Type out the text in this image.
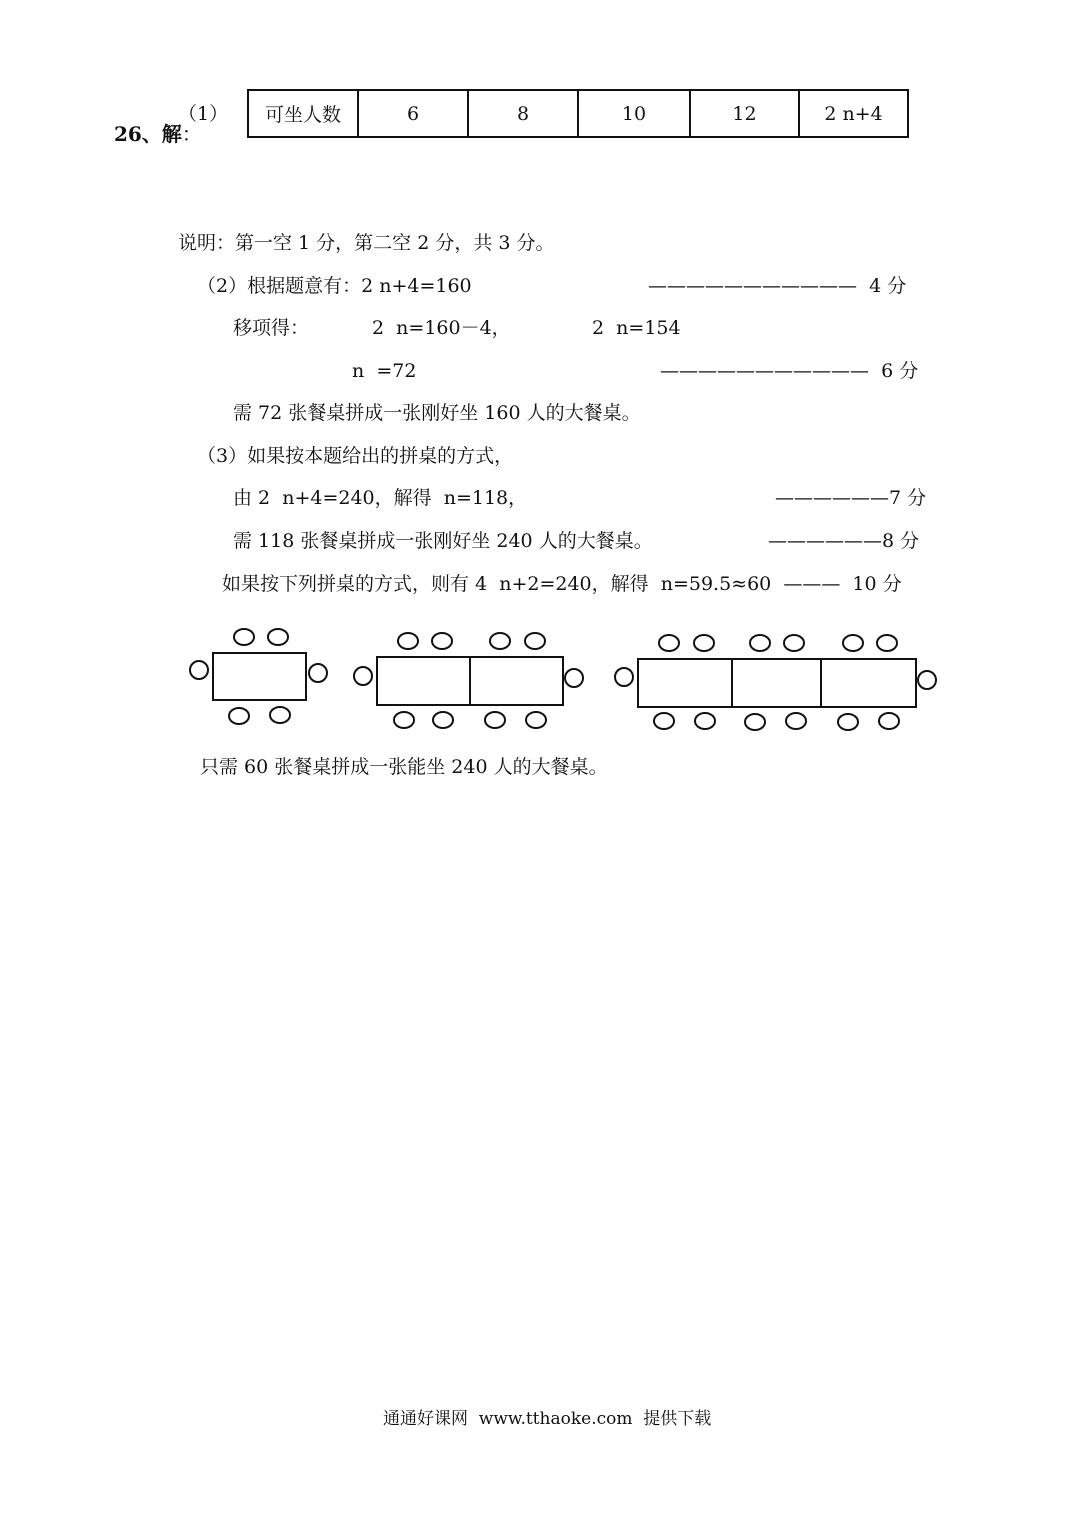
26、解：

（1） 可坐人数	6	8	10	12	2 n+4
说明：第一空 1 分，第二空 2 分，共 3 分。
（2）根据题意有：2 n+4=160	———————————  4 分
移项得：	2  n=160－4，	2  n=154
n  =72	———————————  6 分
需 72 张餐桌拼成一张刚好坐 160 人的大餐桌。
（3）如果按本题给出的拼桌的方式，
由 2  n+4=240，解得  n=118，	——————7 分
需 118 张餐桌拼成一张刚好坐 240 人的大餐桌。	——————8 分
如果按下列拼桌的方式，则有 4  n+2=240，解得  n=59.5≈60  ———  10 分
只需 60 张餐桌拼成一张能坐 240 人的大餐桌。
通通好课网  www.tthaoke.com  提供下载
